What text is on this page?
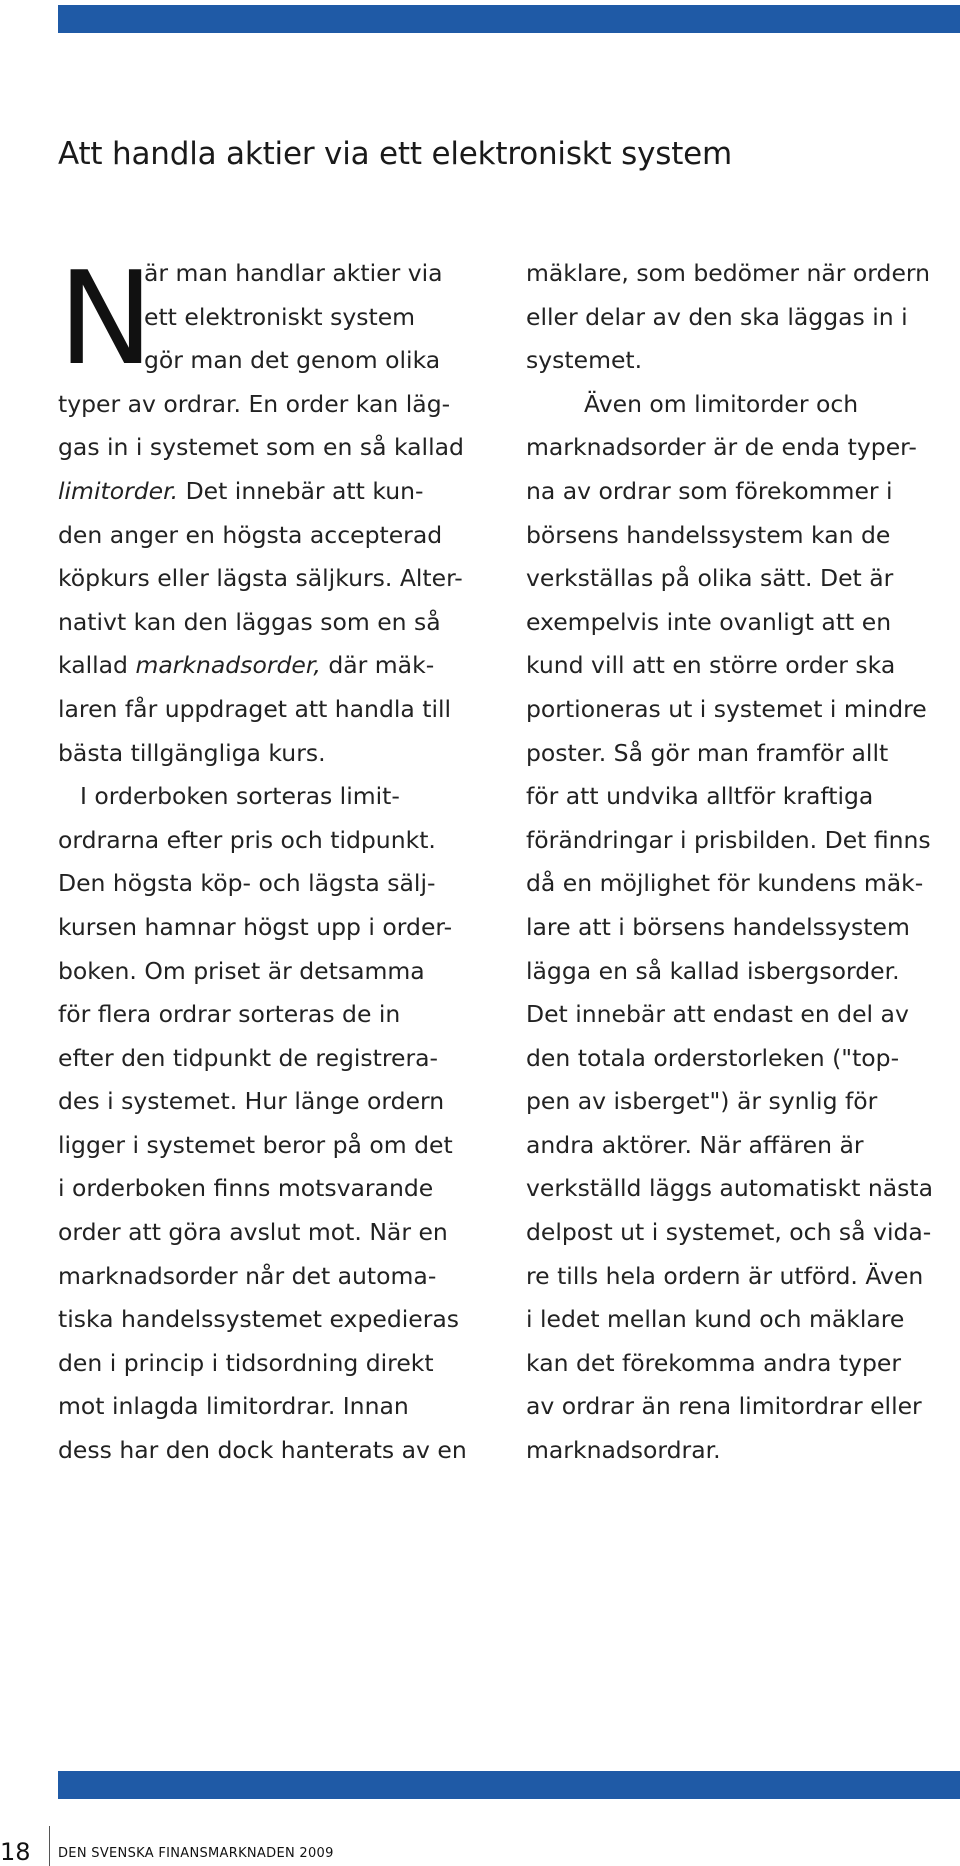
Att handla aktier via ett elektroniskt system
N
är man handlar aktier via
ett elektroniskt system
gör man det genom olika
typer av ordrar. En order kan läg-
gas in i systemet som en så kallad
limitorder. Det innebär att kun-
den anger en högsta accepterad
köpkurs eller lägsta säljkurs. Alter-
nativt kan den läggas som en så
kallad marknadsorder, där mäk-
laren får uppdraget att handla till
bästa tillgängliga kurs.
I orderboken sorteras limit-
ordrarna efter pris och tidpunkt.
Den högsta köp- och lägsta sälj-
kursen hamnar högst upp i order-
boken. Om priset är detsamma
för flera ordrar sorteras de in
efter den tidpunkt de registrera-
des i systemet. Hur länge ordern
ligger i systemet beror på om det
i orderboken finns motsvarande
order att göra avslut mot. När en
marknadsorder når det automa-
tiska handelssystemet expedieras
den i princip i tidsordning direkt
mot inlagda limitordrar. Innan
dess har den dock hanterats av en
mäklare, som bedömer när ordern
eller delar av den ska läggas in i
systemet.
Även om limitorder och
marknadsorder är de enda typer-
na av ordrar som förekommer i
börsens handelssystem kan de
verkställas på olika sätt. Det är
exempelvis inte ovanligt att en
kund vill att en större order ska
portioneras ut i systemet i mindre
poster. Så gör man framför allt
för att undvika alltför kraftiga
förändringar i prisbilden. Det finns
då en möjlighet för kundens mäk-
lare att i börsens handelssystem
lägga en så kallad isbergsorder.
Det innebär att endast en del av
den totala orderstorleken ("top-
pen av isberget") är synlig för
andra aktörer. När affären är
verkställd läggs automatiskt nästa
delpost ut i systemet, och så vida-
re tills hela ordern är utförd. Även
i ledet mellan kund och mäklare
kan det förekomma andra typer
av ordrar än rena limitordrar eller
marknadsordrar.
18 DEN SVENSKA FINANSMARKNADEN 2009
